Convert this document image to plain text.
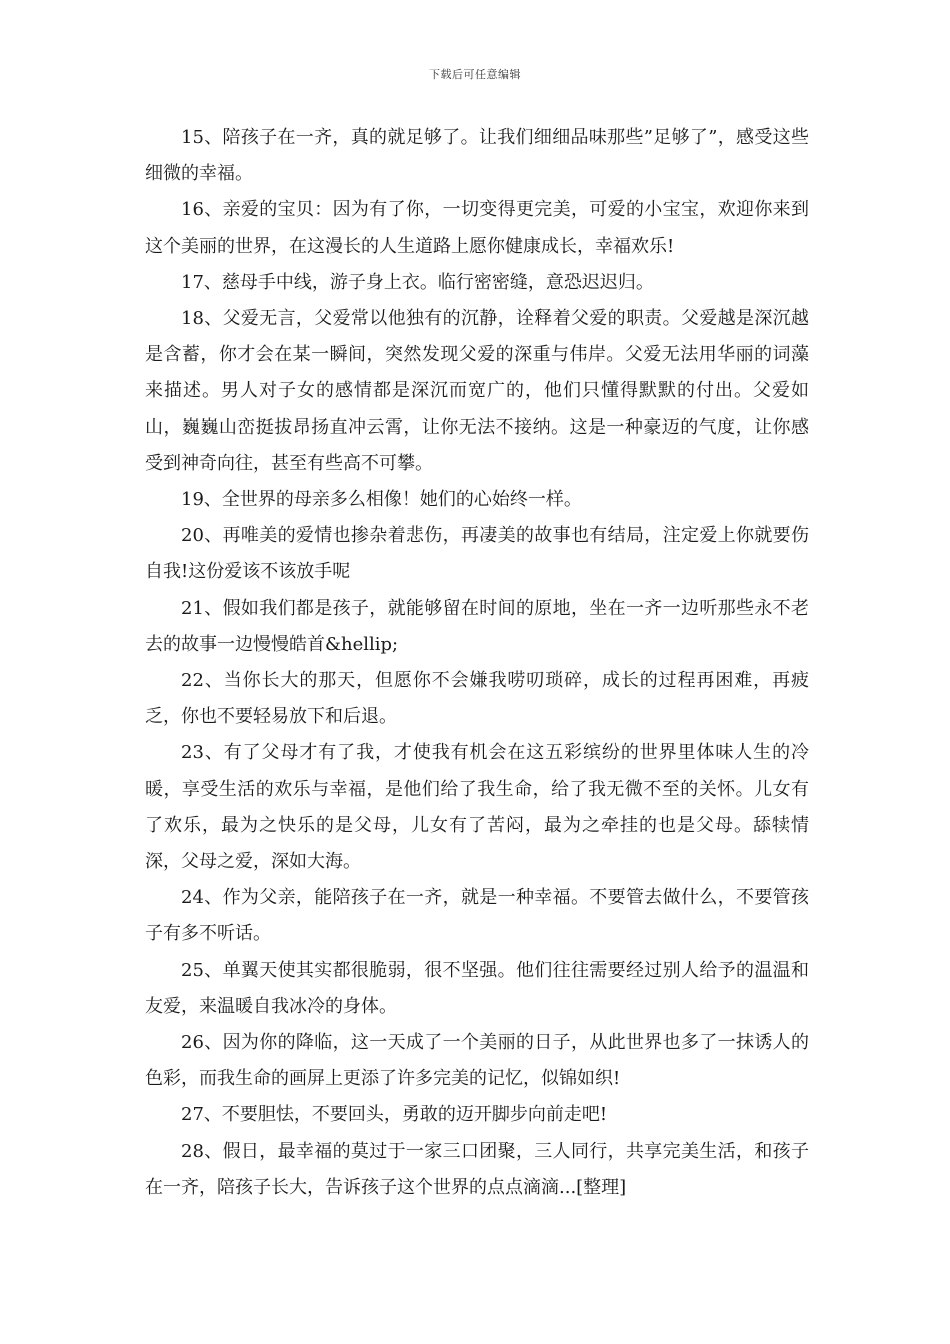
下载后可任意编辑

15、陪孩子在一齐，真的就足够了。让我们细细品味那些”足够了”，感受这些细微的幸福。

16、亲爱的宝贝：因为有了你，一切变得更完美，可爱的小宝宝，欢迎你来到这个美丽的世界，在这漫长的人生道路上愿你健康成长，幸福欢乐!

17、慈母手中线，游子身上衣。临行密密缝，意恐迟迟归。

18、父爱无言，父爱常以他独有的沉静，诠释着父爱的职责。父爱越是深沉越是含蓄，你才会在某一瞬间，突然发现父爱的深重与伟岸。父爱无法用华丽的词藻来描述。男人对子女的感情都是深沉而宽广的，他们只懂得默默的付出。父爱如山，巍巍山峦挺拔昂扬直冲云霄，让你无法不接纳。这是一种豪迈的气度，让你感受到神奇向往，甚至有些高不可攀。

19、全世界的母亲多么相像！她们的心始终一样。

20、再唯美的爱情也掺杂着悲伤，再凄美的故事也有结局，注定爱上你就要伤自我!这份爱该不该放手呢

21、假如我们都是孩子，就能够留在时间的原地，坐在一齐一边听那些永不老去的故事一边慢慢皓首&hellip;

22、当你长大的那天，但愿你不会嫌我唠叨琐碎，成长的过程再困难，再疲乏，你也不要轻易放下和后退。

23、有了父母才有了我，才使我有机会在这五彩缤纷的世界里体味人生的冷暖，享受生活的欢乐与幸福，是他们给了我生命，给了我无微不至的关怀。儿女有了欢乐，最为之快乐的是父母，儿女有了苦闷，最为之牵挂的也是父母。舔犊情深，父母之爱，深如大海。

24、作为父亲，能陪孩子在一齐，就是一种幸福。不要管去做什么，不要管孩子有多不听话。

25、单翼天使其实都很脆弱，很不坚强。他们往往需要经过别人给予的温温和友爱，来温暖自我冰冷的身体。

26、因为你的降临，这一天成了一个美丽的日子，从此世界也多了一抹诱人的色彩，而我生命的画屏上更添了许多完美的记忆，似锦如织!

27、不要胆怯，不要回头，勇敢的迈开脚步向前走吧!

28、假日，最幸福的莫过于一家三口团聚，三人同行，共享完美生活，和孩子在一齐，陪孩子长大，告诉孩子这个世界的点点滴滴...[整理]
